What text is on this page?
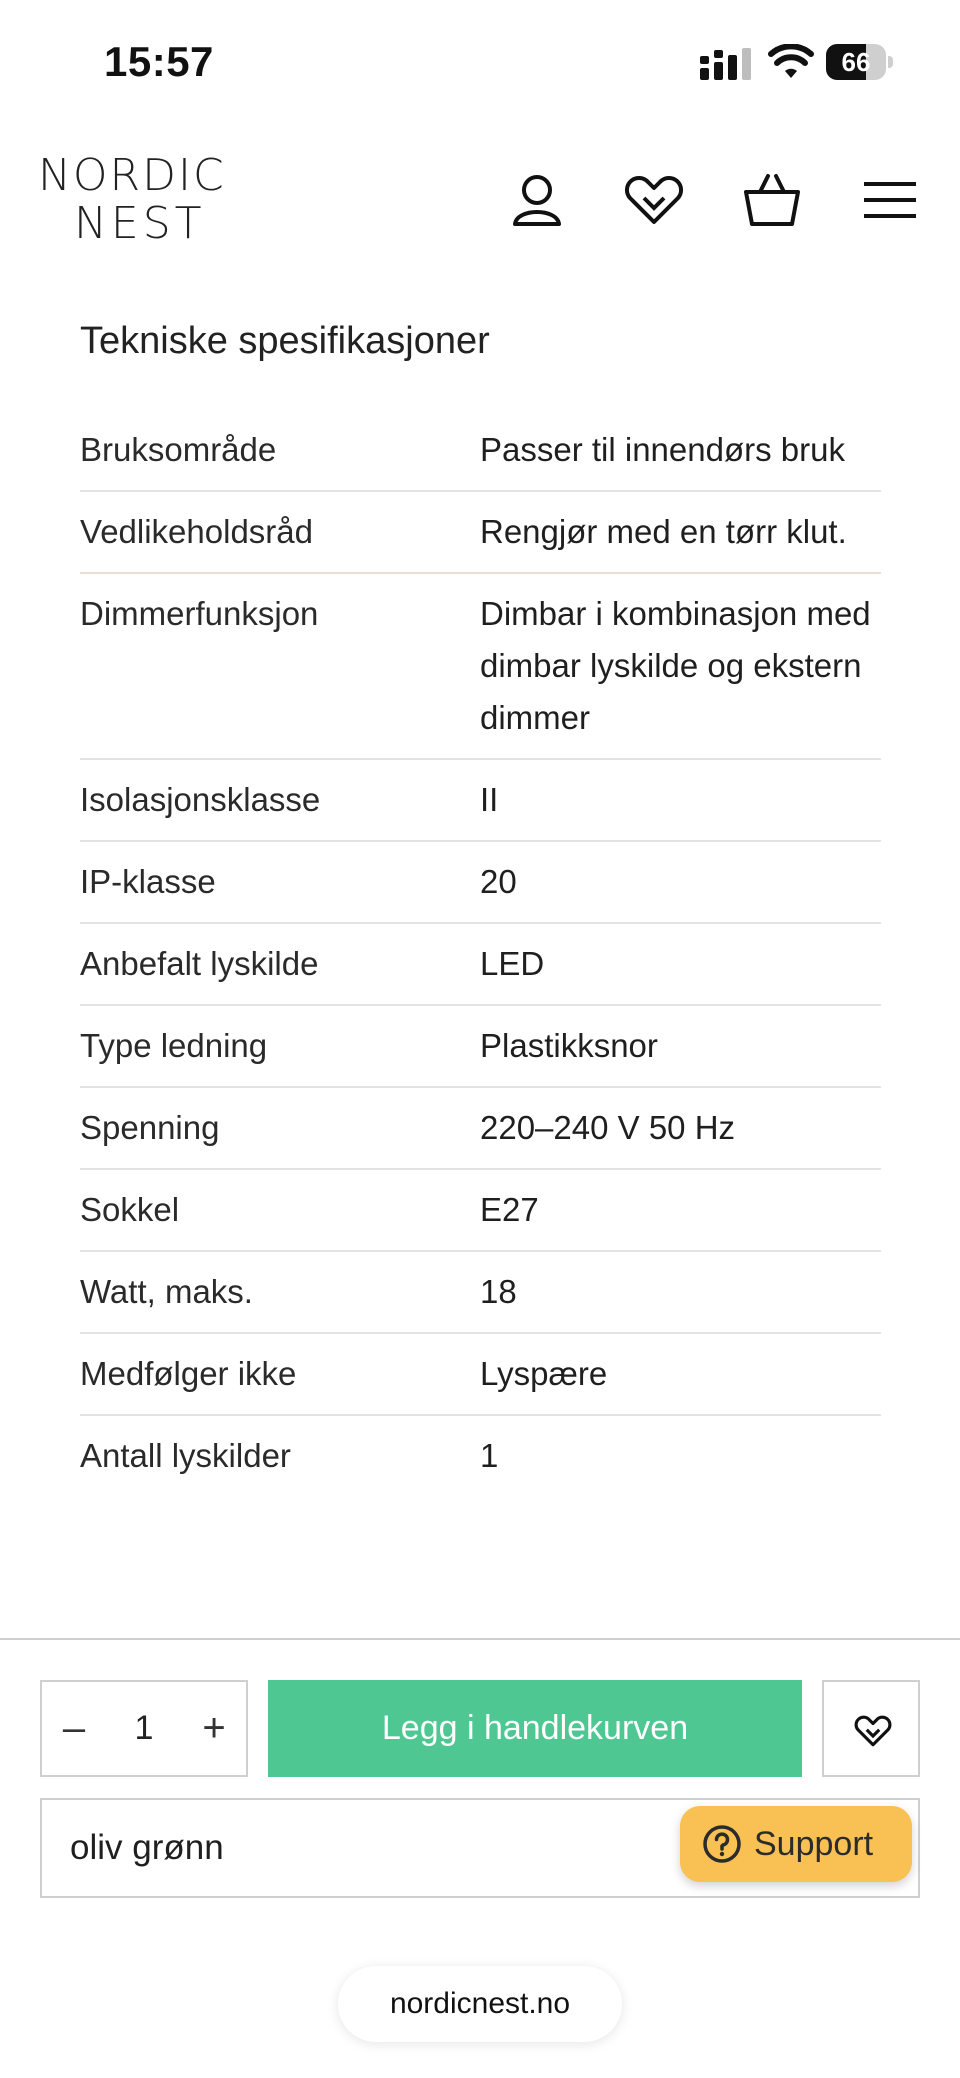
15:57	66
NORDIC
NEST
Tekniske spesifikasjoner
Bruksområde	Passer til innendørs bruk
Vedlikeholdsråd	Rengjør med en tørr klut.
Dimmerfunksjon	Dimbar i kombinasjon med dimbar lyskilde og ekstern dimmer
Isolasjonsklasse	II
IP-klasse	20
Anbefalt lyskilde	LED
Type ledning	Plastikksnor
Spenning	220–240 V 50 Hz
Sokkel	E27
Watt, maks.	18
Medfølger ikke	Lyspære
Antall lyskilder	1
–	1	+	Legg i handlekurven
oliv grønn	Support
nordicnest.no
